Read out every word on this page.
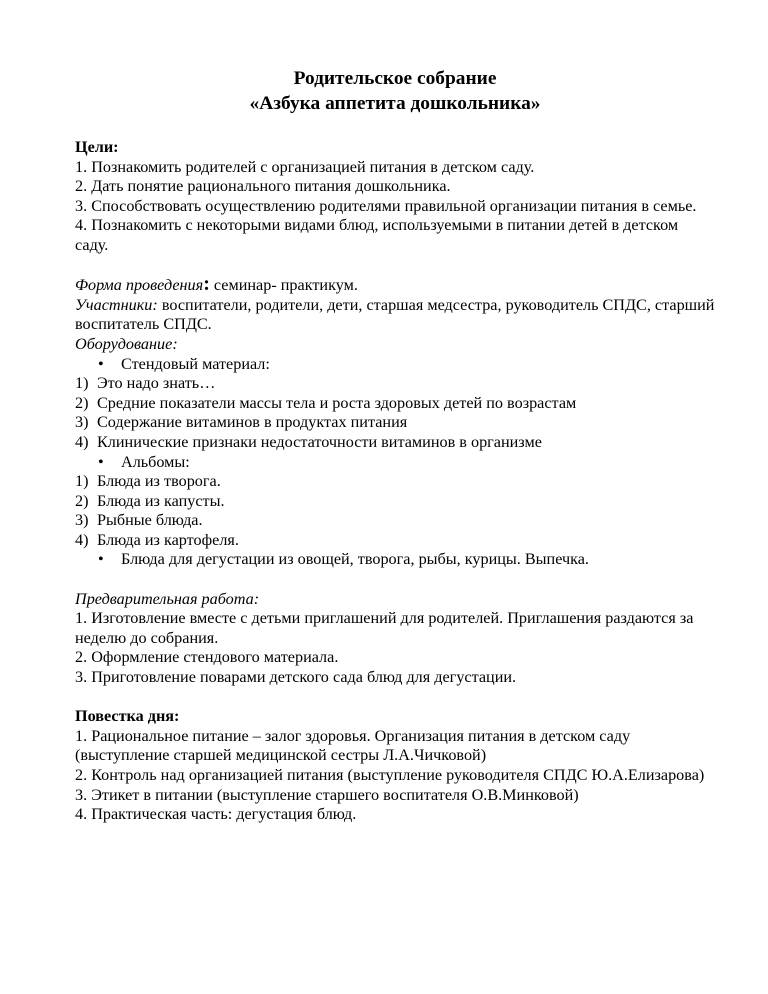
Родительское собрание
«Азбука аппетита дошкольника»
Цели:
1. Познакомить родителей с организацией питания в детском саду.
2. Дать понятие рационального питания дошкольника.
3. Способствовать осуществлению родителями правильной организации питания в семье.
4. Познакомить с некоторыми видами блюд, используемыми в питании детей в детском саду.
Форма проведения: семинар- практикум.
Участники: воспитатели, родители, дети, старшая медсестра, руководитель СПДС, старший воспитатель СПДС.
Оборудование:
•	Стендовый материал:
1) Это надо знать…
2) Средние показатели массы тела и роста здоровых детей по возрастам
3) Содержание витаминов в продуктах питания
4) Клинические признаки недостаточности витаминов в организме
•	Альбомы:
1) Блюда из творога.
2) Блюда из капусты.
3) Рыбные блюда.
4) Блюда из картофеля.
•	Блюда для дегустации из овощей, творога, рыбы, курицы. Выпечка.
Предварительная работа:
1. Изготовление вместе с детьми приглашений для родителей. Приглашения раздаются за неделю до собрания.
2. Оформление стендового материала.
3. Приготовление поварами детского сада блюд для дегустации.
Повестка дня:
1. Рациональное питание – залог здоровья. Организация питания в детском саду (выступление старшей медицинской сестры Л.А.Чичковой)
2. Контроль над организацией питания (выступление руководителя СПДС Ю.А.Елизарова)
3. Этикет в питании (выступление старшего воспитателя О.В.Минковой)
4. Практическая часть: дегустация блюд.
